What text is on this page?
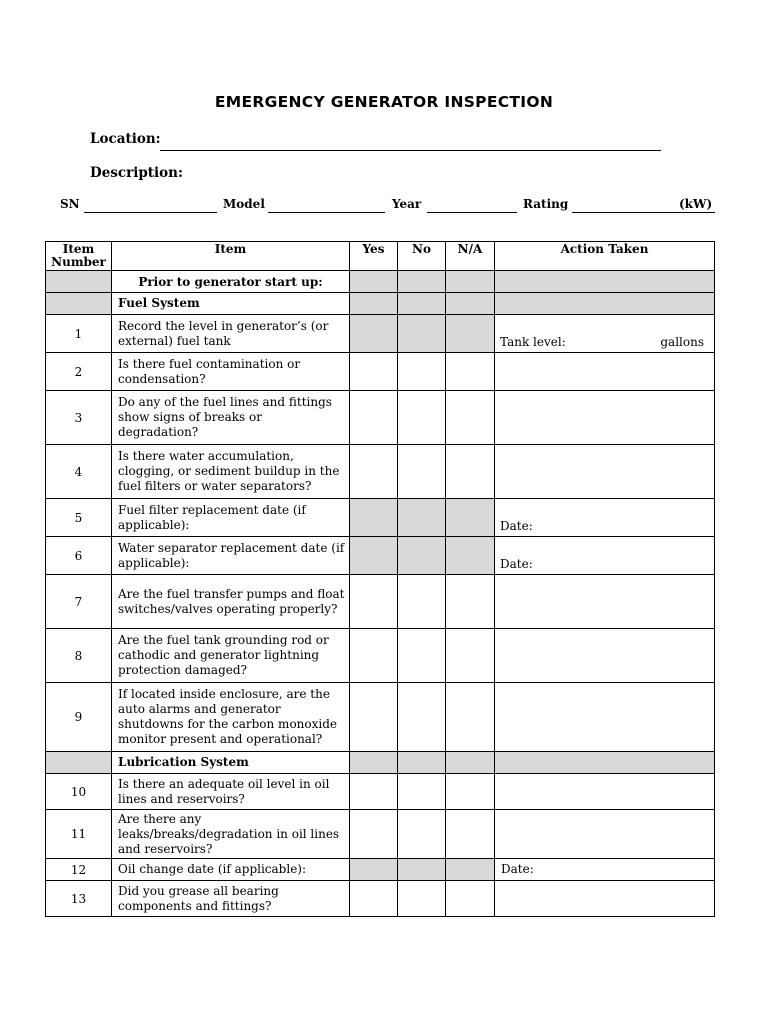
EMERGENCY GENERATOR INSPECTION
Location:
Description:
SN	Model	Year	Rating	(kW)
Item
Number	Item	Yes	No	N/A	Action Taken
	Prior to generator start up:				
	Fuel System				
1	Record the level in generator’s (or external) fuel tank				Tank level: gallons

2	Is there fuel contamination or condensation?				
3	Do any of the fuel lines and fittings show signs of breaks or degradation?				
4	Is there water accumulation, clogging, or sediment buildup in the fuel filters or water separators?				
5	Fuel filter replacement date (if applicable):				Date:

6	Water separator replacement date (if applicable):				Date:

7	Are the fuel transfer pumps and float switches/valves operating properly?				
8	Are the fuel tank grounding rod or cathodic and generator lightning protection damaged?				
9	If located inside enclosure, are the auto alarms and generator shutdowns for the carbon monoxide monitor present and operational?				
	Lubrication System				
10	Is there an adequate oil level in oil lines and reservoirs?				
11	Are there any leaks/breaks/degradation in oil lines and reservoirs?				
12	Oil change date (if applicable):				Date:
13	Did you grease all bearing components and fittings?				
